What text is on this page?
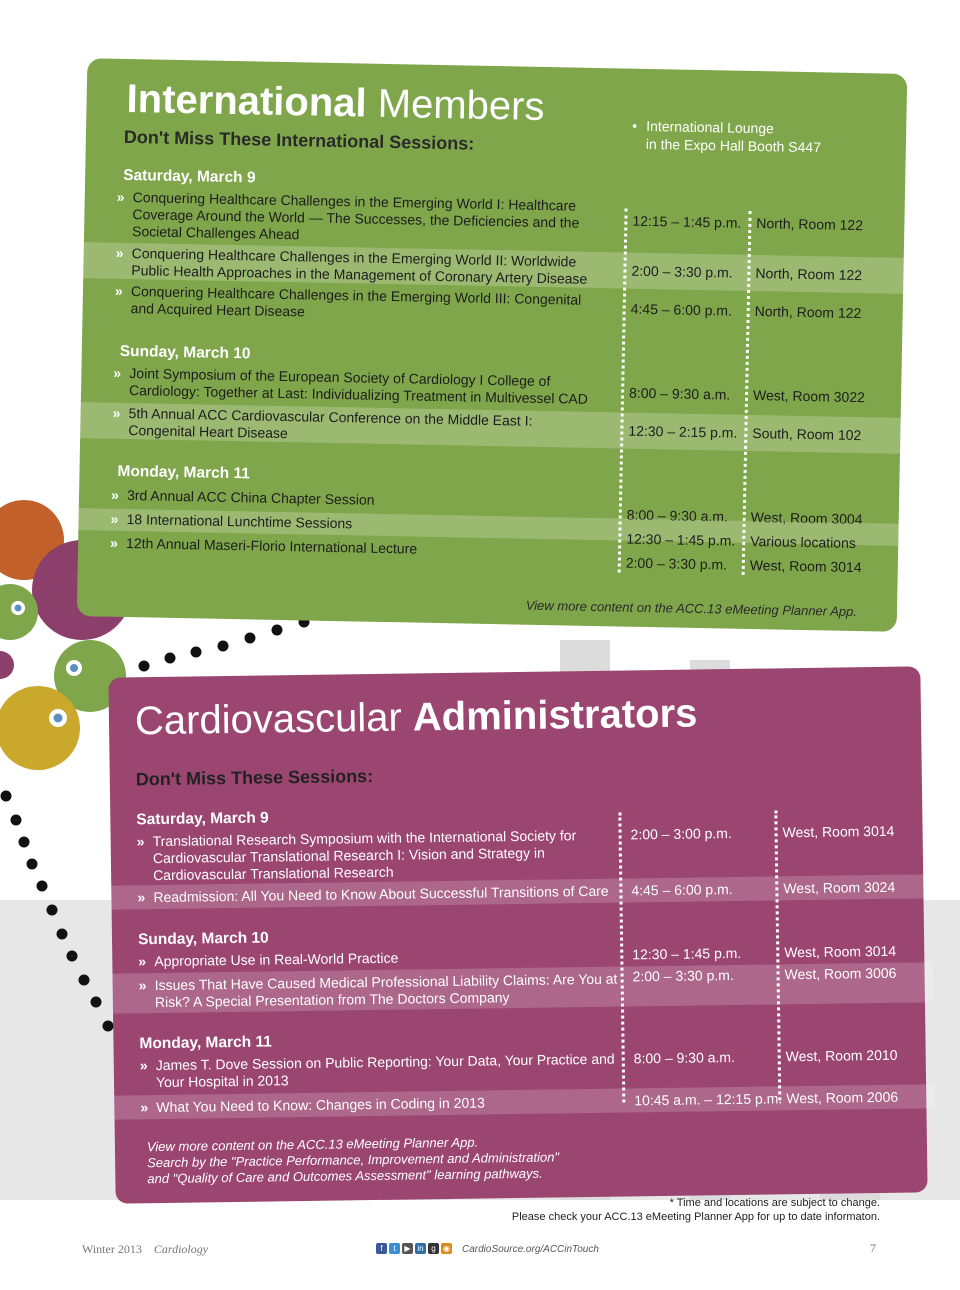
International Members
Don't Miss These International Sessions:
• International Lounge
in the Expo Hall Booth S447
Saturday, March 9
» Conquering Healthcare Challenges in the Emerging World I: Healthcare Coverage Around the World — The Successes, the Deficiencies and the Societal Challenges Ahead
12:15 – 1:45 p.m.	North, Room 122
» Conquering Healthcare Challenges in the Emerging World II: Worldwide Public Health Approaches in the Management of Coronary Artery Disease	2:00 – 3:30 p.m.	North, Room 122
» Conquering Healthcare Challenges in the Emerging World III: Congenital and Acquired Heart Disease	4:45 – 6:00 p.m.	North, Room 122
Sunday, March 10
» Joint Symposium of the European Society of Cardiology I College of Cardiology: Together at Last: Individualizing Treatment in Multivessel CAD	8:00 – 9:30 a.m.	West, Room 3022
» 5th Annual ACC Cardiovascular Conference on the Middle East I: Congenital Heart Disease	12:30 – 2:15 p.m.	South, Room 102
Monday, March 11
» 3rd Annual ACC China Chapter Session
8:00 – 9:30 a.m.	West, Room 3004
» 18 International Lunchtime Sessions
12:30 – 1:45 p.m.	Various locations
» 12th Annual Maseri-Florio International Lecture
2:00 – 3:30 p.m.	West, Room 3014
View more content on the ACC.13 eMeeting Planner App.
Cardiovascular Administrators
Don't Miss These Sessions:
Saturday, March 9
» Translational Research Symposium with the International Society for Cardiovascular Translational Research I: Vision and Strategy in Cardiovascular Translational Research
2:00 – 3:00 p.m.	West, Room 3014
» Readmission: All You Need to Know About Successful Transitions of Care	4:45 – 6:00 p.m.	West, Room 3024
Sunday, March 10
» Appropriate Use in Real-World Practice	12:30 – 1:45 p.m.	West, Room 3014
» Issues That Have Caused Medical Professional Liability Claims: Are You at Risk? A Special Presentation from The Doctors Company
2:00 – 3:30 p.m.	West, Room 3006
Monday, March 11
» James T. Dove Session on Public Reporting: Your Data, Your Practice and Your Hospital in 2013
8:00 – 9:30 a.m.	West, Room 2010
» What You Need to Know: Changes in Coding in 2013	10:45 a.m. – 12:15 p.m. West, Room 2006
View more content on the ACC.13 eMeeting Planner App.
Search by the "Practice Performance, Improvement and Administration"
and "Quality of Care and Outcomes Assessment" learning pathways.
* Time and locations are subject to change.
Please check your ACC.13 eMeeting Planner App for up to date informaton.
Winter 2013 Cardiology	f	t	▶ in g ◉ CardioSource.org/ACCinTouch	7
